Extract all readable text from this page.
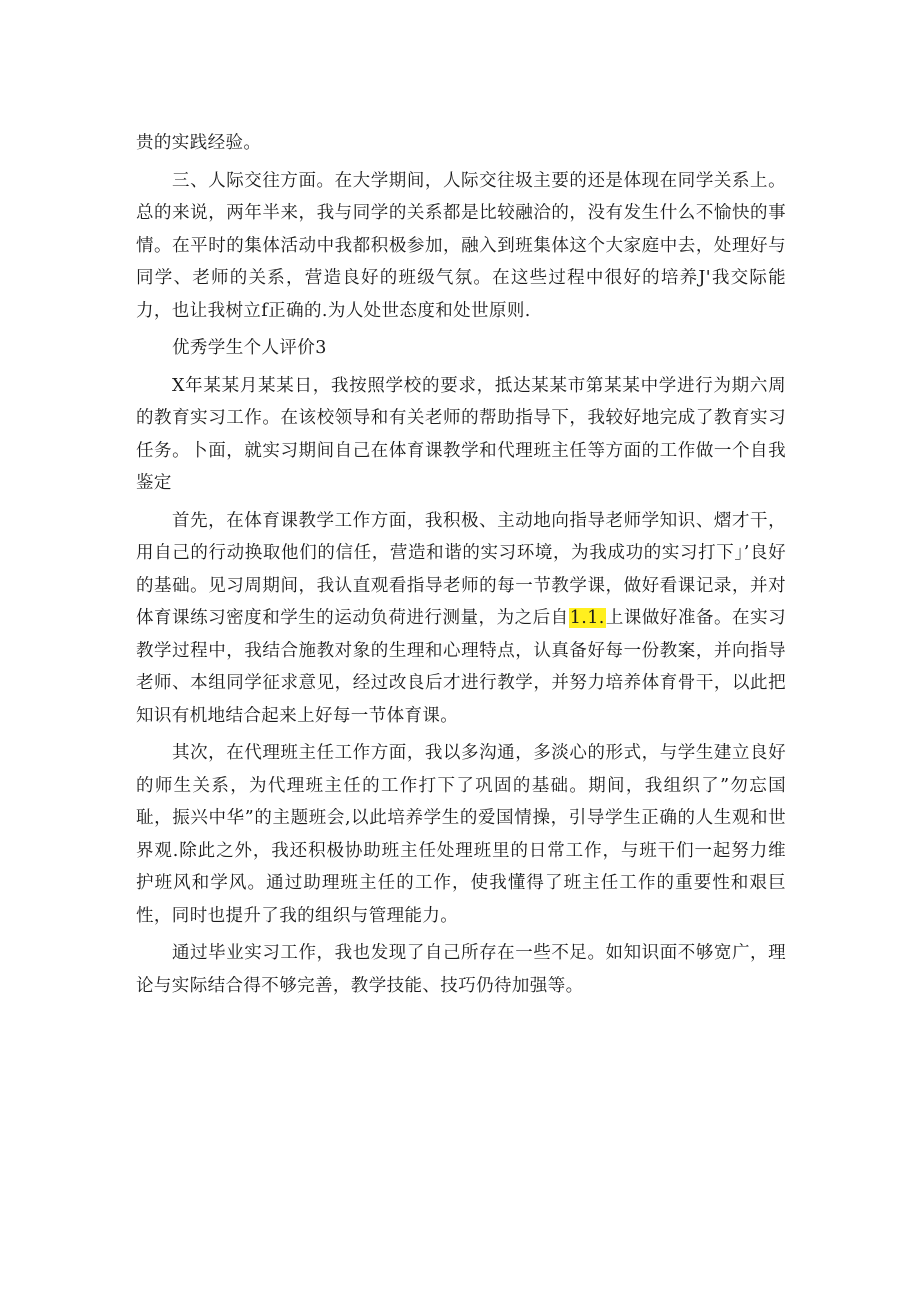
贵的实践经验。

三、人际交往方面。在大学期间，人际交往圾主要的还是体现在同学关系上。总的来说，两年半来，我与同学的关系都是比较融洽的，没有发生什么不愉快的事情。在平时的集体活动中我都积极参加，融入到班集体这个大家庭中去，处理好与同学、老师的关系，营造良好的班级气氛。在这些过程中很好的培养J'我交际能力，也让我树立f正确的.为人处世态度和处世原则.

优秀学生个人评价3

X年某某月某某日，我按照学校的要求，抵达某某市第某某中学进行为期六周的教育实习工作。在该校领导和有关老师的帮助指导下，我较好地完成了教育实习任务。卜面，就实习期间自己在体育课教学和代理班主任等方面的工作做一个自我鉴定

首先，在体育课教学工作方面，我积极、主动地向指导老师学知识、熠才干，用自己的行动换取他们的信任，营造和谐的实习环境，为我成功的实习打下」’良好的基础。见习周期间，我认直观看指导老师的每一节教学课，做好看课记录，并对体育课练习密度和学生的运动负荷进行测量，为之后自1.1.上课做好准备。在实习教学过程中，我结合施教对象的生理和心理特点，认真备好每一份教案，并向指导老师、本组同学征求意见，经过改良后才进行教学，并努力培养体育骨干，以此把知识有机地结合起来上好每一节体育课。

其次，在代理班主任工作方面，我以多沟通，多淡心的形式，与学生建立良好的师生关系，为代理班主任的工作打下了巩固的基础。期间，我组织了”勿忘国耻，振兴中华”的主题班会,以此培养学生的爱国情操，引导学生正确的人生观和世界观.除此之外，我还积极协助班主任处理班里的日常工作，与班干们一起努力维护班风和学风。通过助理班主任的工作，使我懂得了班主任工作的重要性和艰巨性，同时也提升了我的组织与管理能力。

通过毕业实习工作，我也发现了自己所存在一些不足。如知识面不够宽广，理论与实际结合得不够完善，教学技能、技巧仍待加强等。
